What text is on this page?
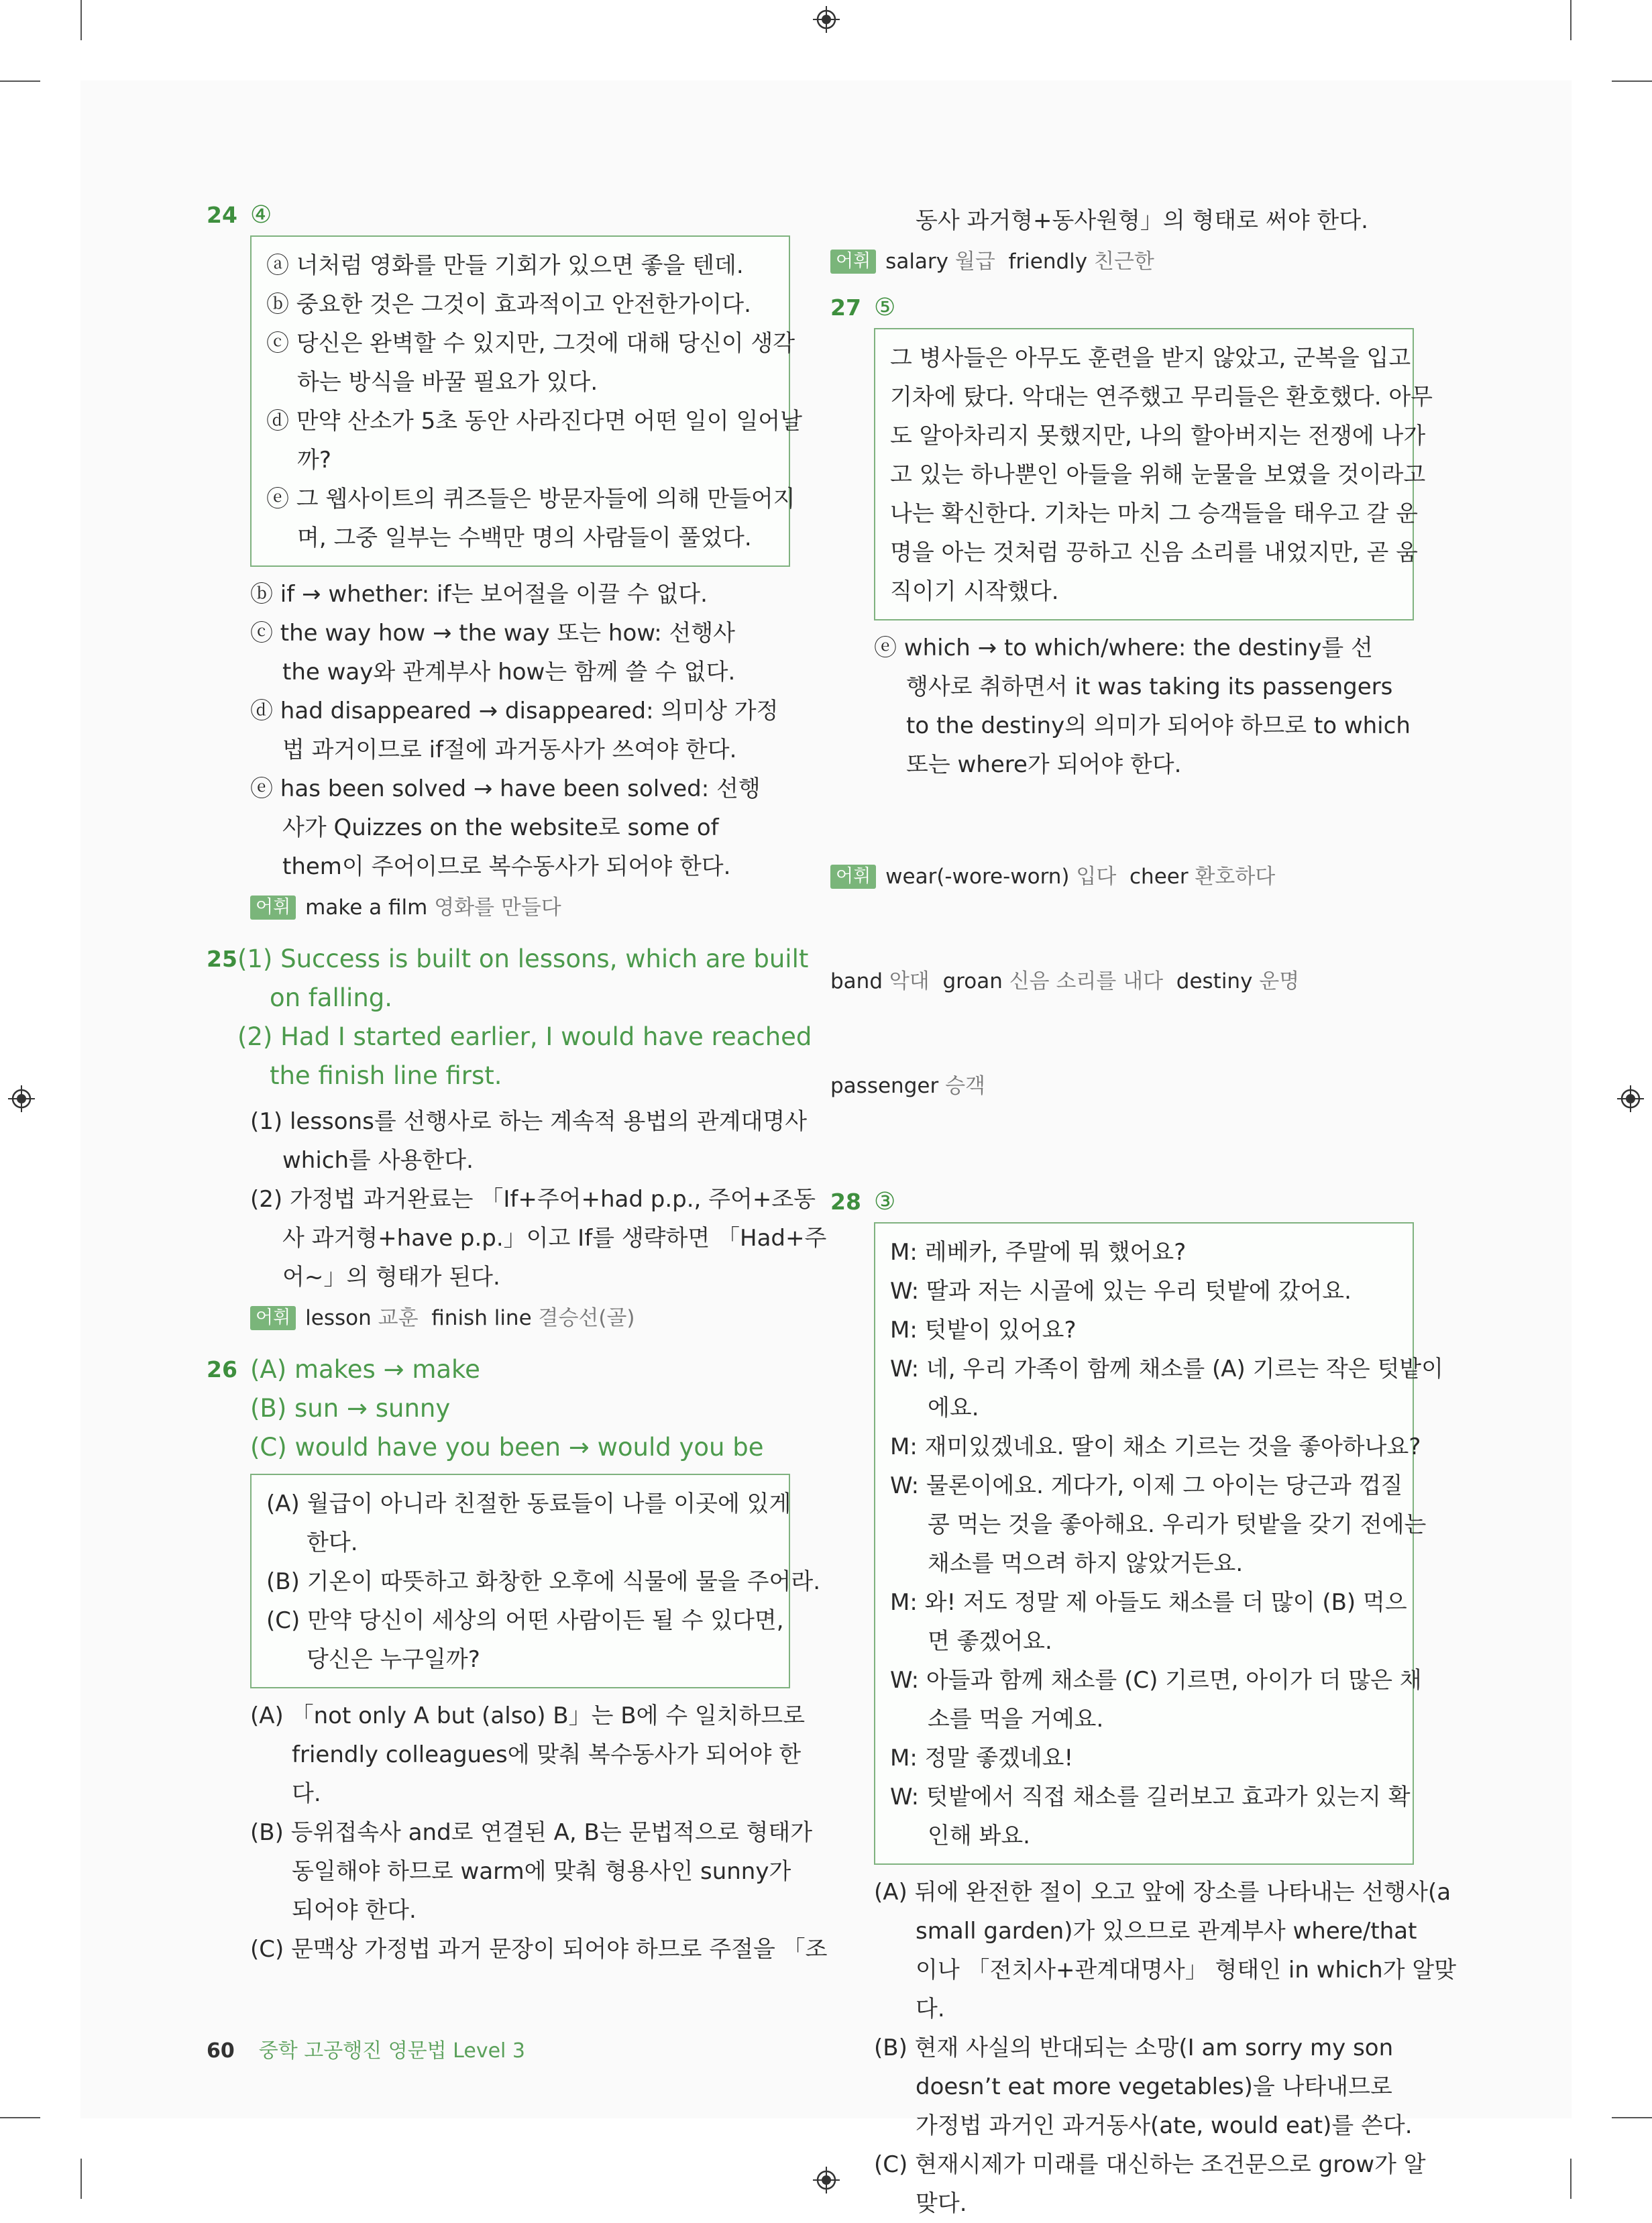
24 ④
ⓐ 너처럼 영화를 만들 기회가 있으면 좋을 텐데.
ⓑ 중요한 것은 그것이 효과적이고 안전한가이다.
ⓒ 당신은 완벽할 수 있지만, 그것에 대해 당신이 생각
하는 방식을 바꿀 필요가 있다.
ⓓ 만약 산소가 5초 동안 사라진다면 어떤 일이 일어날
까?
ⓔ 그 웹사이트의 퀴즈들은 방문자들에 의해 만들어지
며, 그중 일부는 수백만 명의 사람들이 풀었다.
ⓑ if → whether: if는 보어절을 이끌 수 없다.
ⓒ the way how → the way 또는 how: 선행사
the way와 관계부사 how는 함께 쓸 수 없다.
ⓓ had disappeared → disappeared: 의미상 가정
법 과거이므로 if절에 과거동사가 쓰여야 한다.
ⓔ has been solved → have been solved: 선행
사가 Quizzes on the website로 some of
them이 주어이므로 복수동사가 되어야 한다.
어휘 make a film 영화를 만들다
25 (1) Success is built on lessons, which are built
on falling.
(2) Had I started earlier, I would have reached
the finish line first.
(1) lessons를 선행사로 하는 계속적 용법의 관계대명사
which를 사용한다.
(2) 가정법 과거완료는 「If+주어+had p.p., 주어+조동
사 과거형+have p.p.」이고 If를 생략하면 「Had+주
어~」의 형태가 된다.
어휘 lesson 교훈 finish line 결승선(골)
26 (A) makes → make
(B) sun → sunny
(C) would have you been → would you be
(A) 월급이 아니라 친절한 동료들이 나를 이곳에 있게
한다.
(B) 기온이 따뜻하고 화창한 오후에 식물에 물을 주어라.
(C) 만약 당신이 세상의 어떤 사람이든 될 수 있다면,
당신은 누구일까?
(A) 「not only A but (also) B」는 B에 수 일치하므로
friendly colleagues에 맞춰 복수동사가 되어야 한
다.
(B) 등위접속사 and로 연결된 A, B는 문법적으로 형태가
동일해야 하므로 warm에 맞춰 형용사인 sunny가
되어야 한다.
(C) 문맥상 가정법 과거 문장이 되어야 하므로 주절을 「조
동사 과거형+동사원형」의 형태로 써야 한다.
어휘 salary 월급 friendly 친근한
27 ⑤
그 병사들은 아무도 훈련을 받지 않았고, 군복을 입고
기차에 탔다. 악대는 연주했고 무리들은 환호했다. 아무
도 알아차리지 못했지만, 나의 할아버지는 전쟁에 나가
고 있는 하나뿐인 아들을 위해 눈물을 보였을 것이라고
나는 확신한다. 기차는 마치 그 승객들을 태우고 갈 운
명을 아는 것처럼 끙하고 신음 소리를 내었지만, 곧 움
직이기 시작했다.
ⓔ which → to which/where: the destiny를 선
행사로 취하면서 it was taking its passengers
to the destiny의 의미가 되어야 하므로 to which
또는 where가 되어야 한다.

어휘 wear(-wore-worn) 입다 cheer 환호하다

band 악대 groan 신음 소리를 내다 destiny 운명

passenger 승객

28 ③
M: 레베카, 주말에 뭐 했어요?
W: 딸과 저는 시골에 있는 우리 텃밭에 갔어요.
M: 텃밭이 있어요?
W: 네, 우리 가족이 함께 채소를 (A) 기르는 작은 텃밭이
에요.
M: 재미있겠네요. 딸이 채소 기르는 것을 좋아하나요?
W: 물론이에요. 게다가, 이제 그 아이는 당근과 껍질
콩 먹는 것을 좋아해요. 우리가 텃밭을 갖기 전에는
채소를 먹으려 하지 않았거든요.
M: 와! 저도 정말 제 아들도 채소를 더 많이 (B) 먹으
면 좋겠어요.
W: 아들과 함께 채소를 (C) 기르면, 아이가 더 많은 채
소를 먹을 거예요.
M: 정말 좋겠네요!
W: 텃밭에서 직접 채소를 길러보고 효과가 있는지 확
인해 봐요.
(A) 뒤에 완전한 절이 오고 앞에 장소를 나타내는 선행사(a
small garden)가 있으므로 관계부사 where/that
이나 「전치사+관계대명사」 형태인 in which가 알맞
다.
(B) 현재 사실의 반대되는 소망(I am sorry my son
doesn’t eat more vegetables)을 나타내므로
가정법 과거인 과거동사(ate, would eat)를 쓴다.
(C) 현재시제가 미래를 대신하는 조건문으로 grow가 알
맞다.
60 중학 고공행진 영문법 Level 3
